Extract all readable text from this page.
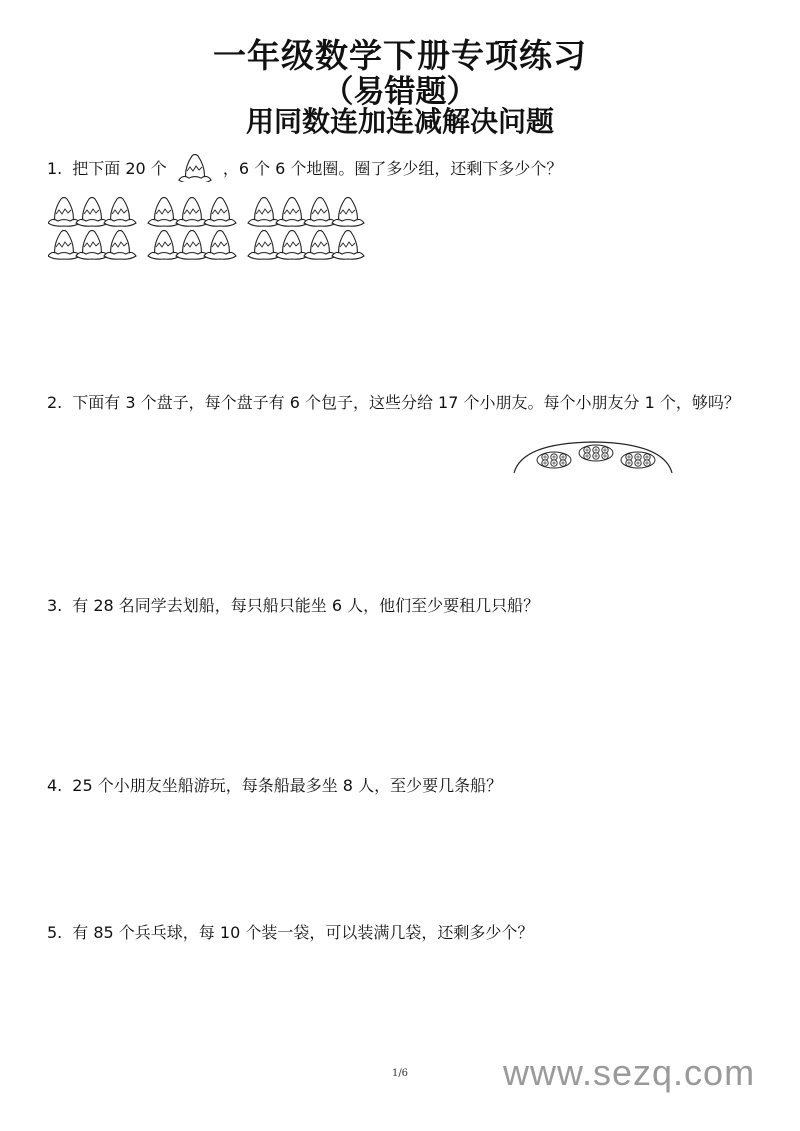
一年级数学下册专项练习
（易错题）
用同数连加连减解决问题
1. 把下面 20 个	，6 个 6 个地圈。圈了多少组，还剩下多少个？
2. 下面有 3 个盘子，每个盘子有 6 个包子，这些分给 17 个小朋友。每个小朋友分 1 个，够吗？
3. 有 28 名同学去划船，每只船只能坐 6 人，他们至少要租几只船？
4. 25 个小朋友坐船游玩，每条船最多坐 8 人，至少要几条船？
5. 有 85 个兵乓球，每 10 个装一袋，可以装满几袋，还剩多少个？
1/6	www.sezq.com
